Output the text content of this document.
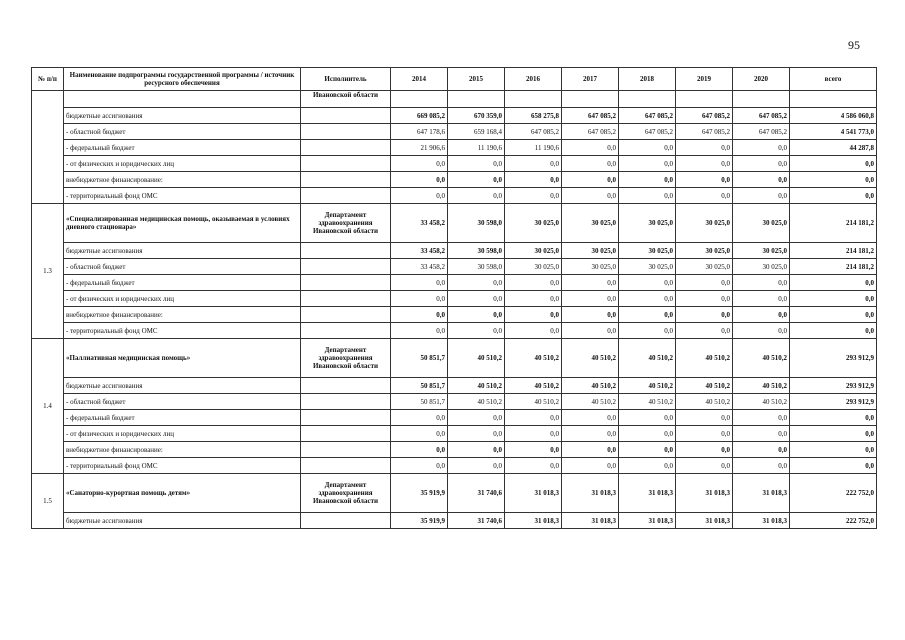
95
№ п/п	Наименование подпрограммы государственной программы / источник ресурсного обеспечения	Исполнитель	2014	2015	2016	2017	2018	2019	2020	всего
		Ивановской области								
	бюджетные ассигнования		669 085,2	670 359,0	658 275,8	647 085,2	647 085,2	647 085,2	647 085,2	4 586 060,8
	- областной бюджет		647 178,6	659 168,4	647 085,2	647 085,2	647 085,2	647 085,2	647 085,2	4 541 773,0
	- федеральный бюджет		21 906,6	11 190,6	11 190,6	0,0	0,0	0,0	0,0	44 287,8
	- от физических и юридических лиц		0,0	0,0	0,0	0,0	0,0	0,0	0,0	0,0
	внебюджетное финансирование:		0,0	0,0	0,0	0,0	0,0	0,0	0,0	0,0
	- территориальный фонд ОМС		0,0	0,0	0,0	0,0	0,0	0,0	0,0	0,0
1.3	«Специализированная медицинская помощь, оказываемая в условиях дневного стационара»	Департамент здравоохранения Ивановской области	33 458,2	30 598,0	30 025,0	30 025,0	30 025,0	30 025,0	30 025,0	214 181,2
	бюджетные ассигнования		33 458,2	30 598,0	30 025,0	30 025,0	30 025,0	30 025,0	30 025,0	214 181,2
	- областной бюджет		33 458,2	30 598,0	30 025,0	30 025,0	30 025,0	30 025,0	30 025,0	214 181,2
	- федеральный бюджет		0,0	0,0	0,0	0,0	0,0	0,0	0,0	0,0
	- от физических и юридических лиц		0,0	0,0	0,0	0,0	0,0	0,0	0,0	0,0
	внебюджетное финансирование:		0,0	0,0	0,0	0,0	0,0	0,0	0,0	0,0
	- территориальный фонд ОМС		0,0	0,0	0,0	0,0	0,0	0,0	0,0	0,0
1.4	«Паллиативная медицинская помощь»	Департамент здравоохранения Ивановской области	50 851,7	40 510,2	40 510,2	40 510,2	40 510,2	40 510,2	40 510,2	293 912,9
	бюджетные ассигнования		50 851,7	40 510,2	40 510,2	40 510,2	40 510,2	40 510,2	40 510,2	293 912,9
	- областной бюджет		50 851,7	40 510,2	40 510,2	40 510,2	40 510,2	40 510,2	40 510,2	293 912,9
	- федеральный бюджет		0,0	0,0	0,0	0,0	0,0	0,0	0,0	0,0
	- от физических и юридических лиц		0,0	0,0	0,0	0,0	0,0	0,0	0,0	0,0
	внебюджетное финансирование:		0,0	0,0	0,0	0,0	0,0	0,0	0,0	0,0
	- территориальный фонд ОМС		0,0	0,0	0,0	0,0	0,0	0,0	0,0	0,0
1.5	«Санаторно-курортная помощь детям»	Департамент здравоохранения Ивановской области	35 919,9	31 740,6	31 018,3	31 018,3	31 018,3	31 018,3	31 018,3	222 752,0
	бюджетные ассигнования		35 919,9	31 740,6	31 018,3	31 018,3	31 018,3	31 018,3	31 018,3	222 752,0
